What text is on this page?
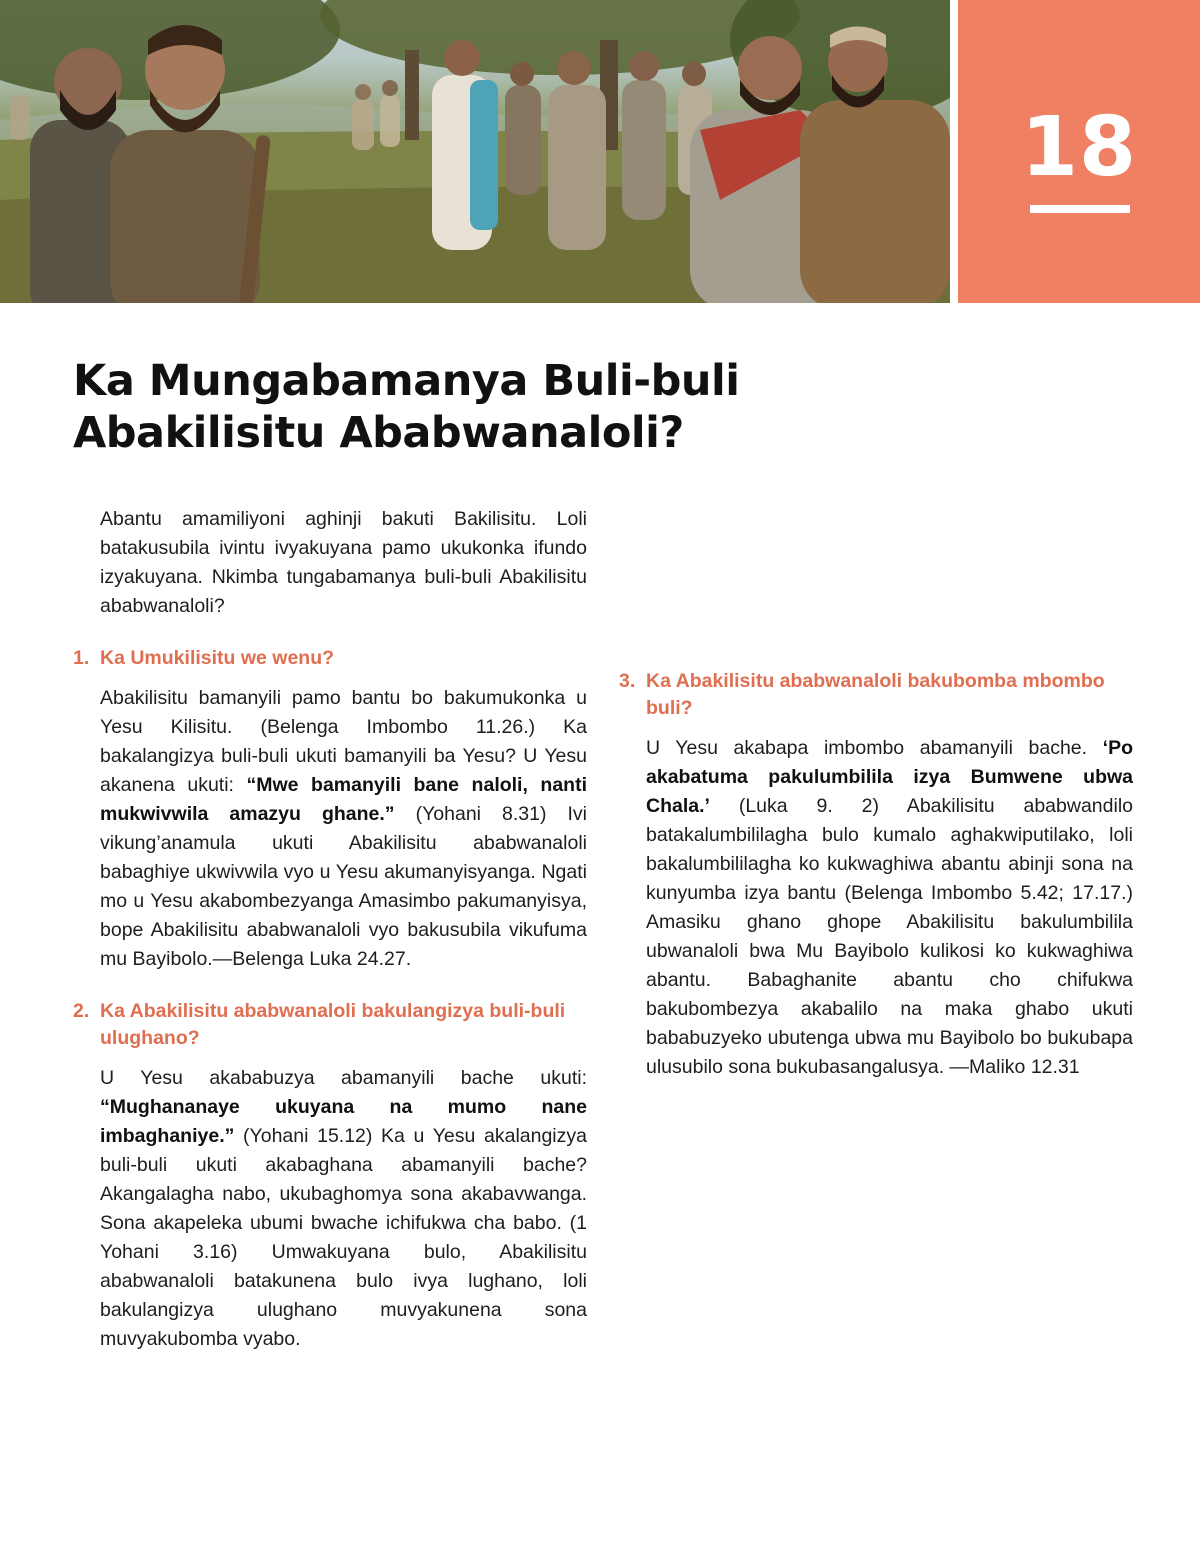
18
Ka Mungabamanya Buli-buli
Abakilisitu Ababwanaloli?

Abantu amamiliyoni aghinji bakuti Bakilisitu. Loli batakusubila ivintu ivyakuyana pamo ukukonka ifundo izyakuyana. Nkimba tungabamanya buli-buli Abakilisitu ababwanaloli?

1. Ka Umukilisitu we wenu?

Abakilisitu bamanyili pamo bantu bo bakumukonka u Yesu Kilisitu. (Belenga Imbombo 11.26.) Ka bakalangizya buli-buli ukuti bamanyili ba Yesu? U Yesu akanena ukuti: “Mwe bamanyili bane naloli, nanti mukwivwila amazyu ghane.” (Yohani 8.31) Ivi vikung’anamula ukuti Abakilisitu ababwanaloli babaghiye ukwivwila vyo u Yesu akumanyisyanga. Ngati mo u Yesu akabombezyanga Amasimbo pakumanyisya, bope Abakilisitu ababwanaloli vyo bakusubila vikufuma mu Bayibolo.—Belenga Luka 24.27.

2. Ka Abakilisitu ababwanaloli bakulangizya buli-buli ulughano?

U Yesu akababuzya abamanyili bache ukuti: “Mughananaye ukuyana na mumo nane imbaghaniye.” (Yohani 15.12) Ka u Yesu akalangizya buli-buli ukuti akabaghana abamanyili bache? Akangalagha nabo, ukubaghomya sona akabavwanga. Sona akapeleka ubumi bwache ichifukwa cha babo. (1 Yohani 3.16) Umwakuyana bulo, Abakilisitu ababwanaloli batakunena bulo ivya lughano, loli bakulangizya ulughano muvyakunena sona muvyakubomba vyabo.

3. Ka Abakilisitu ababwanaloli bakubomba mbombo buli?

U Yesu akabapa imbombo abamanyili bache. ‘Po akabatuma pakulumbilila izya Bumwene ubwa Chala.’ (Luka 9. 2) Abakilisitu ababwandilo batakalumbililagha bulo kumalo aghakwiputilako, loli bakalumbililagha ko kukwaghiwa abantu abinji sona na kunyumba izya bantu (Belenga Imbombo 5.42; 17.17.) Amasiku ghano ghope Abakilisitu bakulumbilila ubwanaloli bwa Mu Bayibolo kulikosi ko kukwaghiwa abantu. Babaghanite abantu cho chifukwa bakubombezya akabalilo na maka ghabo ukuti bababuzyeko ubutenga ubwa mu Bayibolo bo bukubapa ulusubilo sona bukubasangalusya. —Maliko 12.31
